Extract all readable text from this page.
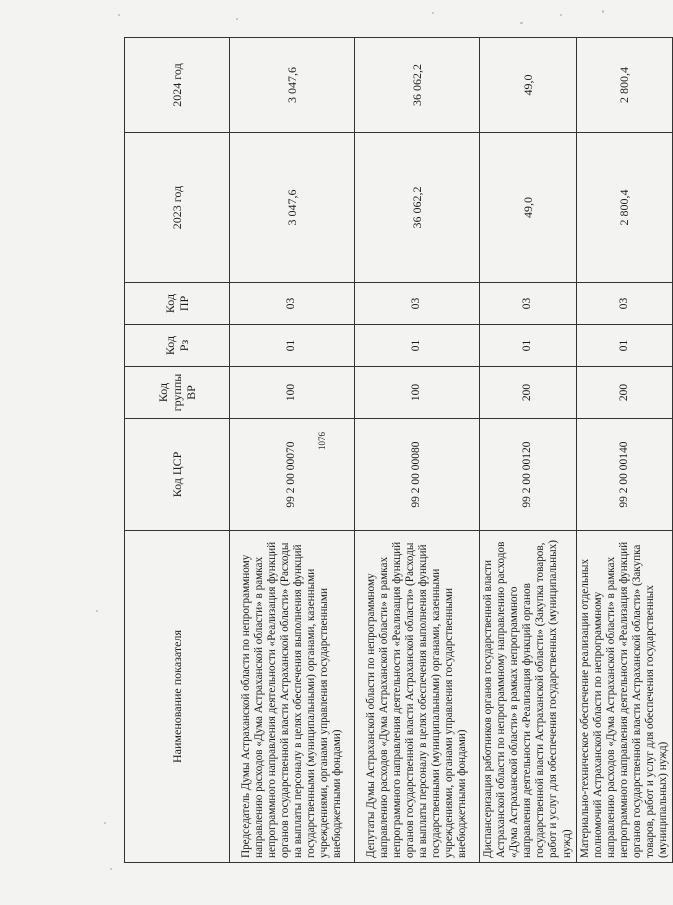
1076
Наименование показателя	Код ЦСР	Код группы ВР	Код Рз	Код ПР	2023 год	2024 год
Председатель Думы Астраханской области по непрограммному направлению расходов «Дума Астраханской области» в рамках непрограммного направления деятельности «Реализация функций органов государственной власти Астраханской области» (Расходы на выплаты персоналу в целях обеспечения выполнения функций государственными (муниципальными) органами, казенными учреждениями, органами управления государственными внебюджетными фондами)	99 2 00 00070	100	01	03	3 047,6	3 047,6
Депутаты Думы Астраханской области по непрограммному направлению расходов «Дума Астраханской области» в рамках непрограммного направления деятельности «Реализация функций органов государственной власти Астраханской области» (Расходы на выплаты персоналу в целях обеспечения выполнения функций государственными (муниципальными) органами, казенными учреждениями, органами управления государственными внебюджетными фондами)	99 2 00 00080	100	01	03	36 062,2	36 062,2
Диспансеризация работников органов государственной власти Астраханской области по непрограммному направлению расходов «Дума Астраханской области» в рамках непрограммного направления деятельности «Реализация функций органов государственной власти Астраханской области» (Закупка товаров, работ и услуг для обеспечения государственных (муниципальных) нужд)	99 2 00 00120	200	01	03	49,0	49,0
Материально-техническое обеспечение реализации отдельных полномочий Астраханской области по непрограммному направлению расходов «Дума Астраханской области» в рамках непрограммного направления деятельности «Реализация функций органов государственной власти Астраханской области» (Закупка товаров, работ и услуг для обеспечения государственных (муниципальных) нужд)	99 2 00 00140	200	01	03	2 800,4	2 800,4
